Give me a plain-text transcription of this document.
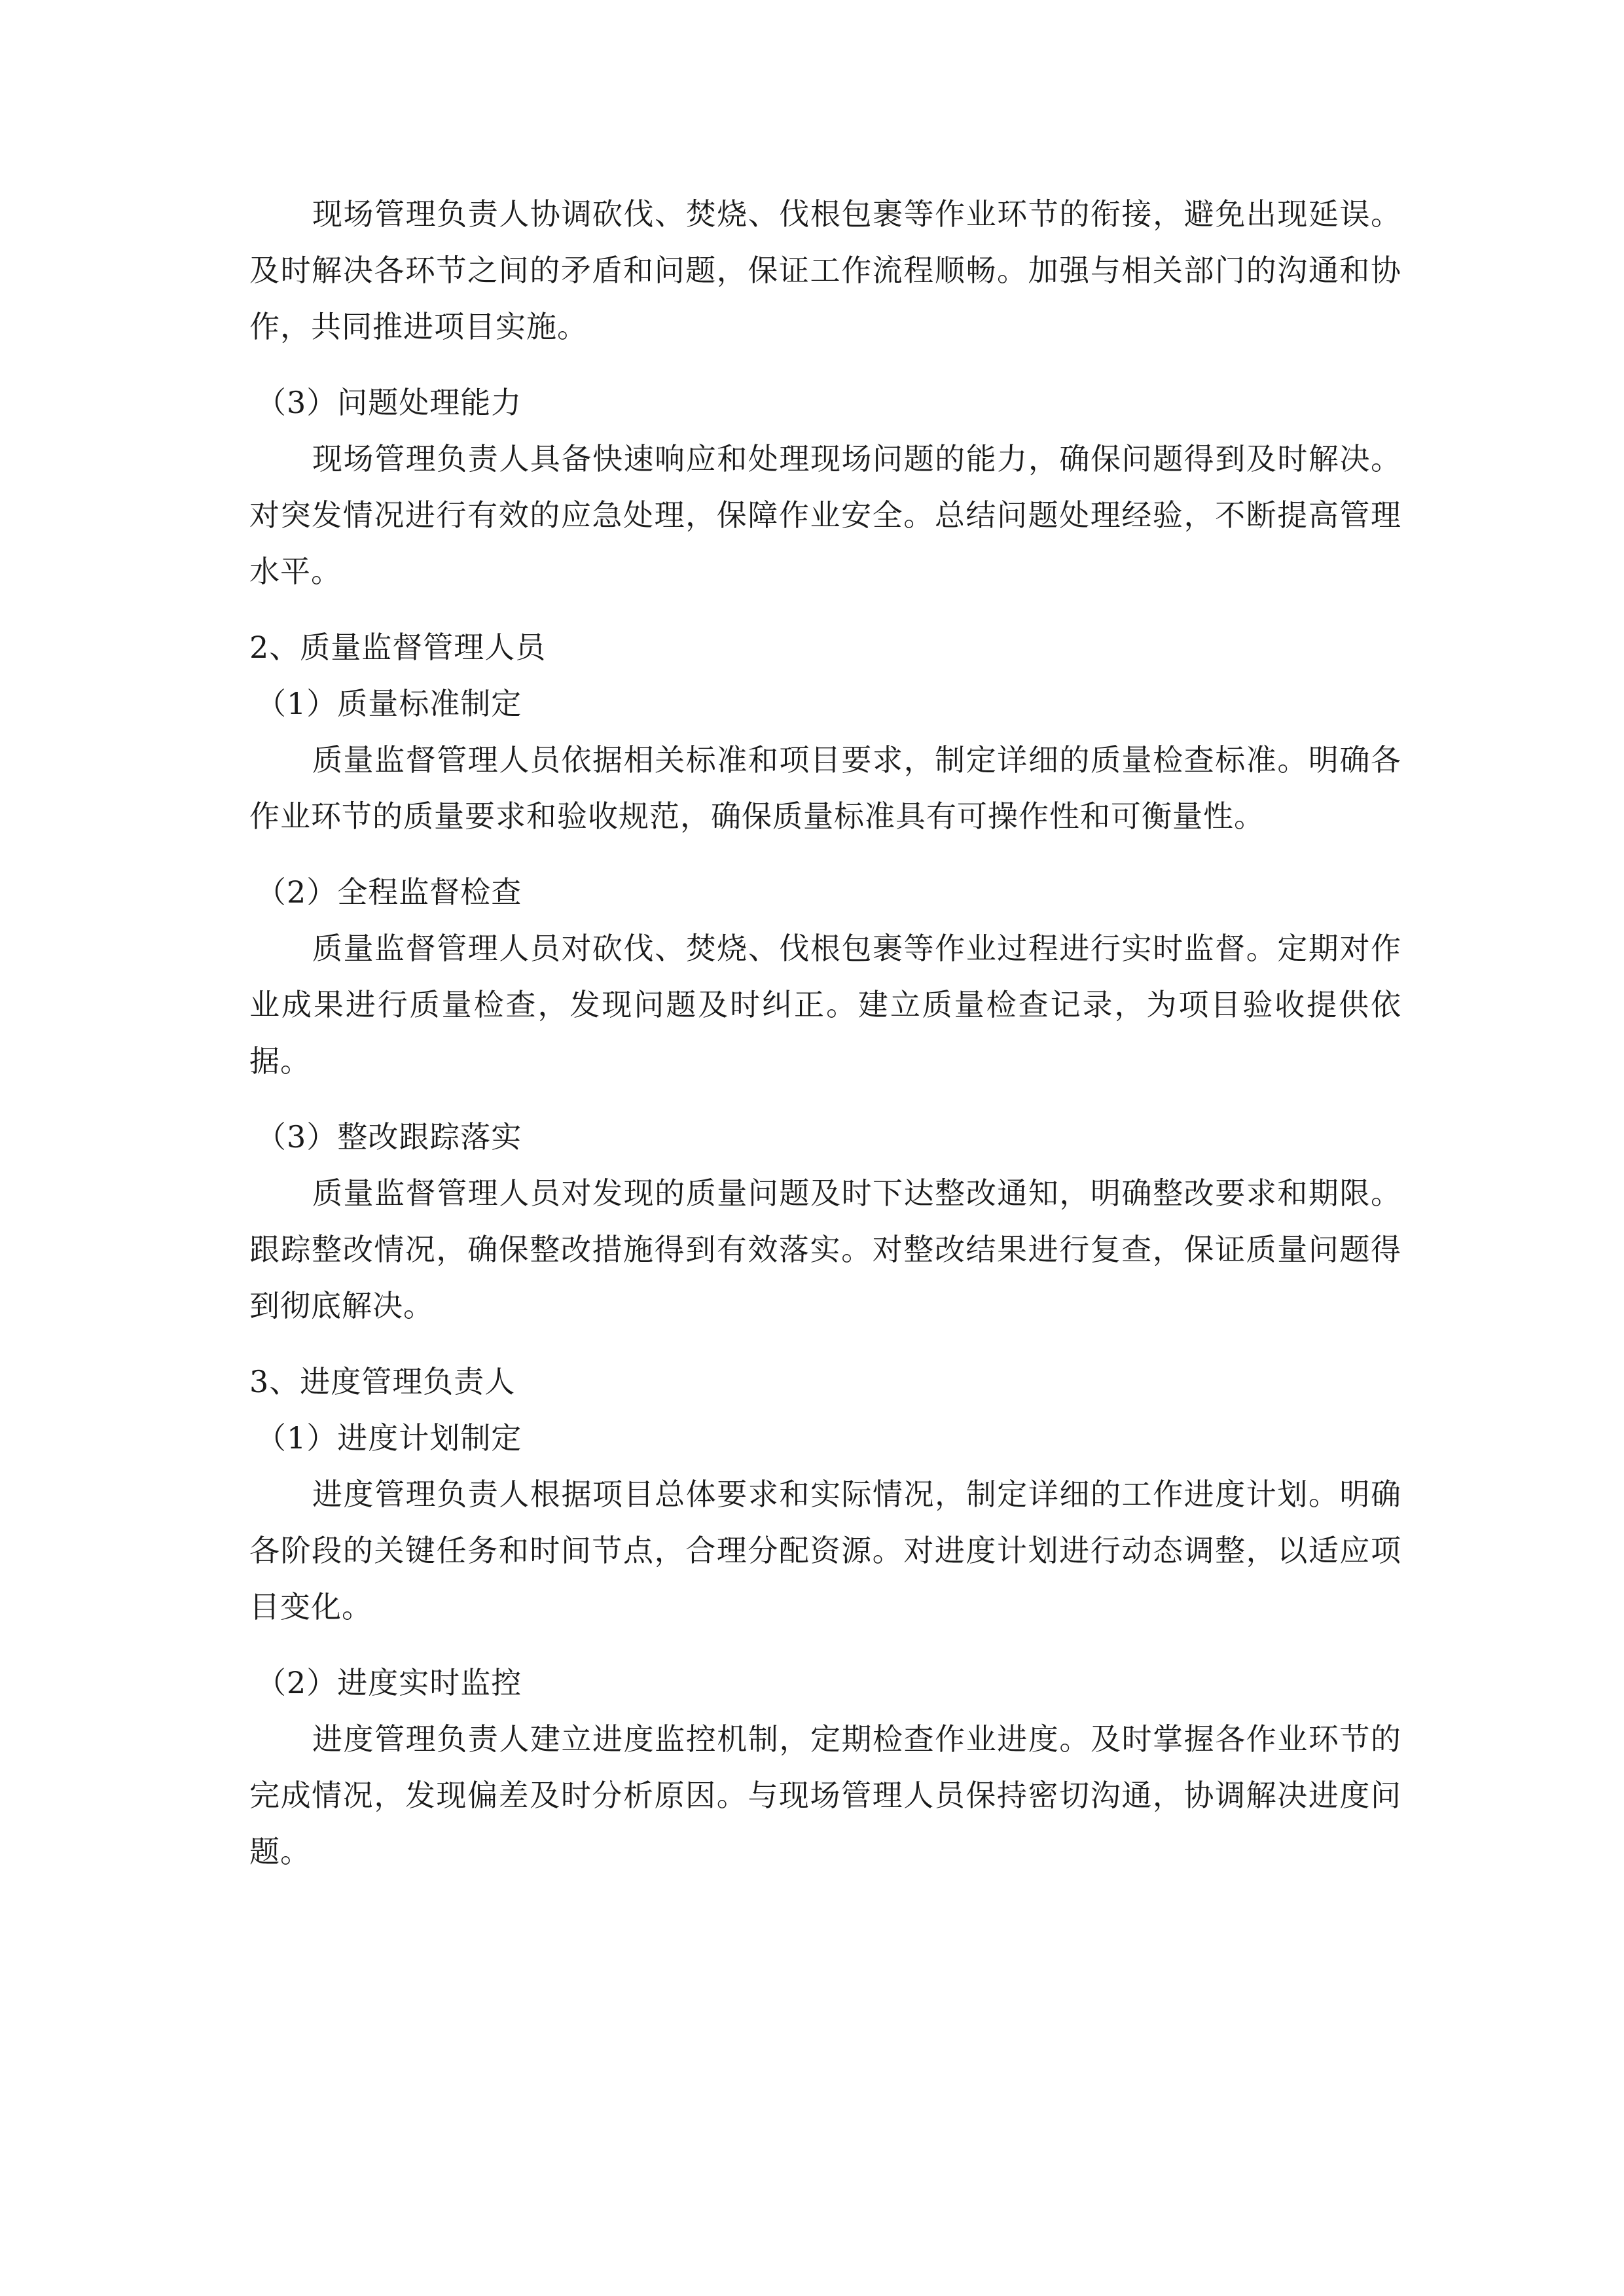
现场管理负责人协调砍伐、焚烧、伐根包裹等作业环节的衔接，避免出现延误。及时解决各环节之间的矛盾和问题，保证工作流程顺畅。加强与相关部门的沟通和协作，共同推进项目实施。

（3）问题处理能力

现场管理负责人具备快速响应和处理现场问题的能力，确保问题得到及时解决。对突发情况进行有效的应急处理，保障作业安全。总结问题处理经验，不断提高管理水平。

2、质量监督管理人员

（1）质量标准制定

质量监督管理人员依据相关标准和项目要求，制定详细的质量检查标准。明确各作业环节的质量要求和验收规范，确保质量标准具有可操作性和可衡量性。

（2）全程监督检查

质量监督管理人员对砍伐、焚烧、伐根包裹等作业过程进行实时监督。定期对作业成果进行质量检查，发现问题及时纠正。建立质量检查记录，为项目验收提供依据。

（3）整改跟踪落实

质量监督管理人员对发现的质量问题及时下达整改通知，明确整改要求和期限。跟踪整改情况，确保整改措施得到有效落实。对整改结果进行复查，保证质量问题得到彻底解决。

3、进度管理负责人

（1）进度计划制定

进度管理负责人根据项目总体要求和实际情况，制定详细的工作进度计划。明确各阶段的关键任务和时间节点，合理分配资源。对进度计划进行动态调整，以适应项目变化。

（2）进度实时监控

进度管理负责人建立进度监控机制，定期检查作业进度。及时掌握各作业环节的完成情况，发现偏差及时分析原因。与现场管理人员保持密切沟通，协调解决进度问题。
